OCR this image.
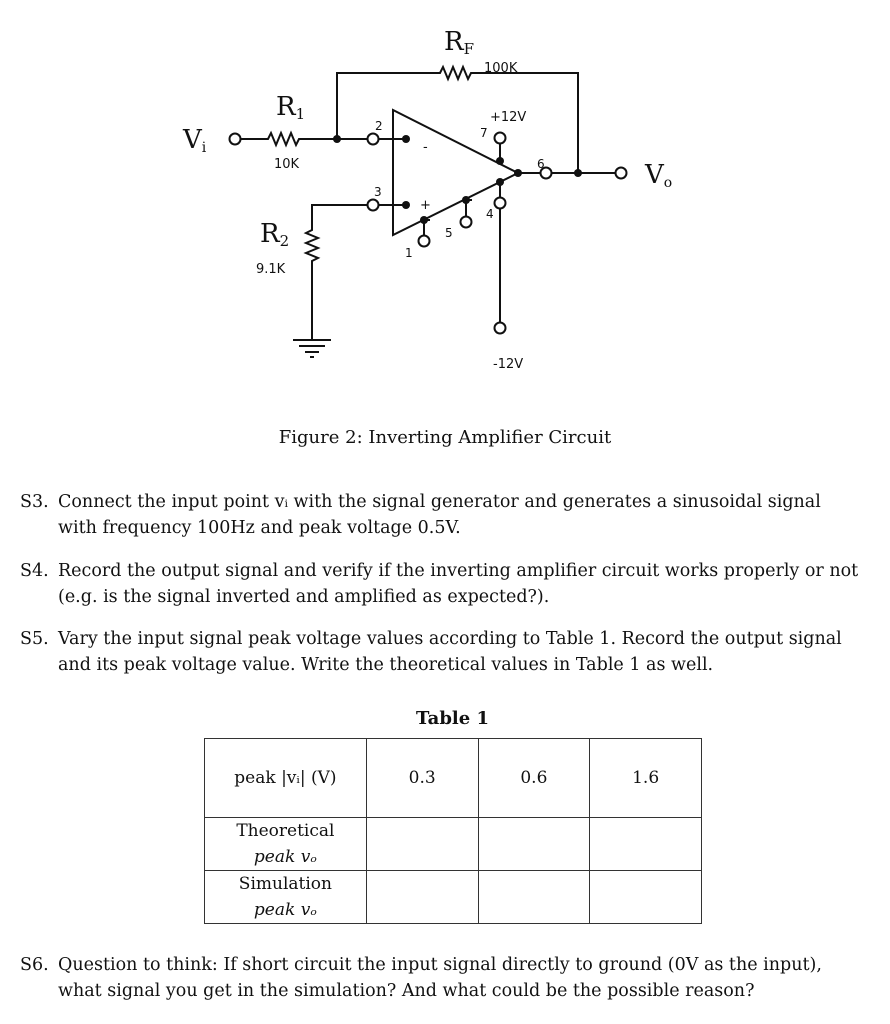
RF
100K
R1
10K
R2
9.1K
Vi
Vo
+12V
-12V
-
+
1
2
3
4
5
6
7
Figure 2: Inverting Amplifier Circuit
S3. Connect the input point vᵢ with the signal generator and generates a sinusoidal signal with frequency 100Hz and peak voltage 0.5V.
S4. Record the output signal and verify if the inverting amplifier circuit works properly or not (e.g. is the signal inverted and amplified as expected?).
S5. Vary the input signal peak voltage values according to Table 1. Record the output signal and its peak voltage value. Write the theoretical values in Table 1 as well.
Table 1
peak |vᵢ| (V)	0.3	0.6	1.6

Theoretical
peak vₒ			

Simulation
peak vₒ			

S6. Question to think: If short circuit the input signal directly to ground (0V as the input), what signal you get in the simulation? And what could be the possible reason?
